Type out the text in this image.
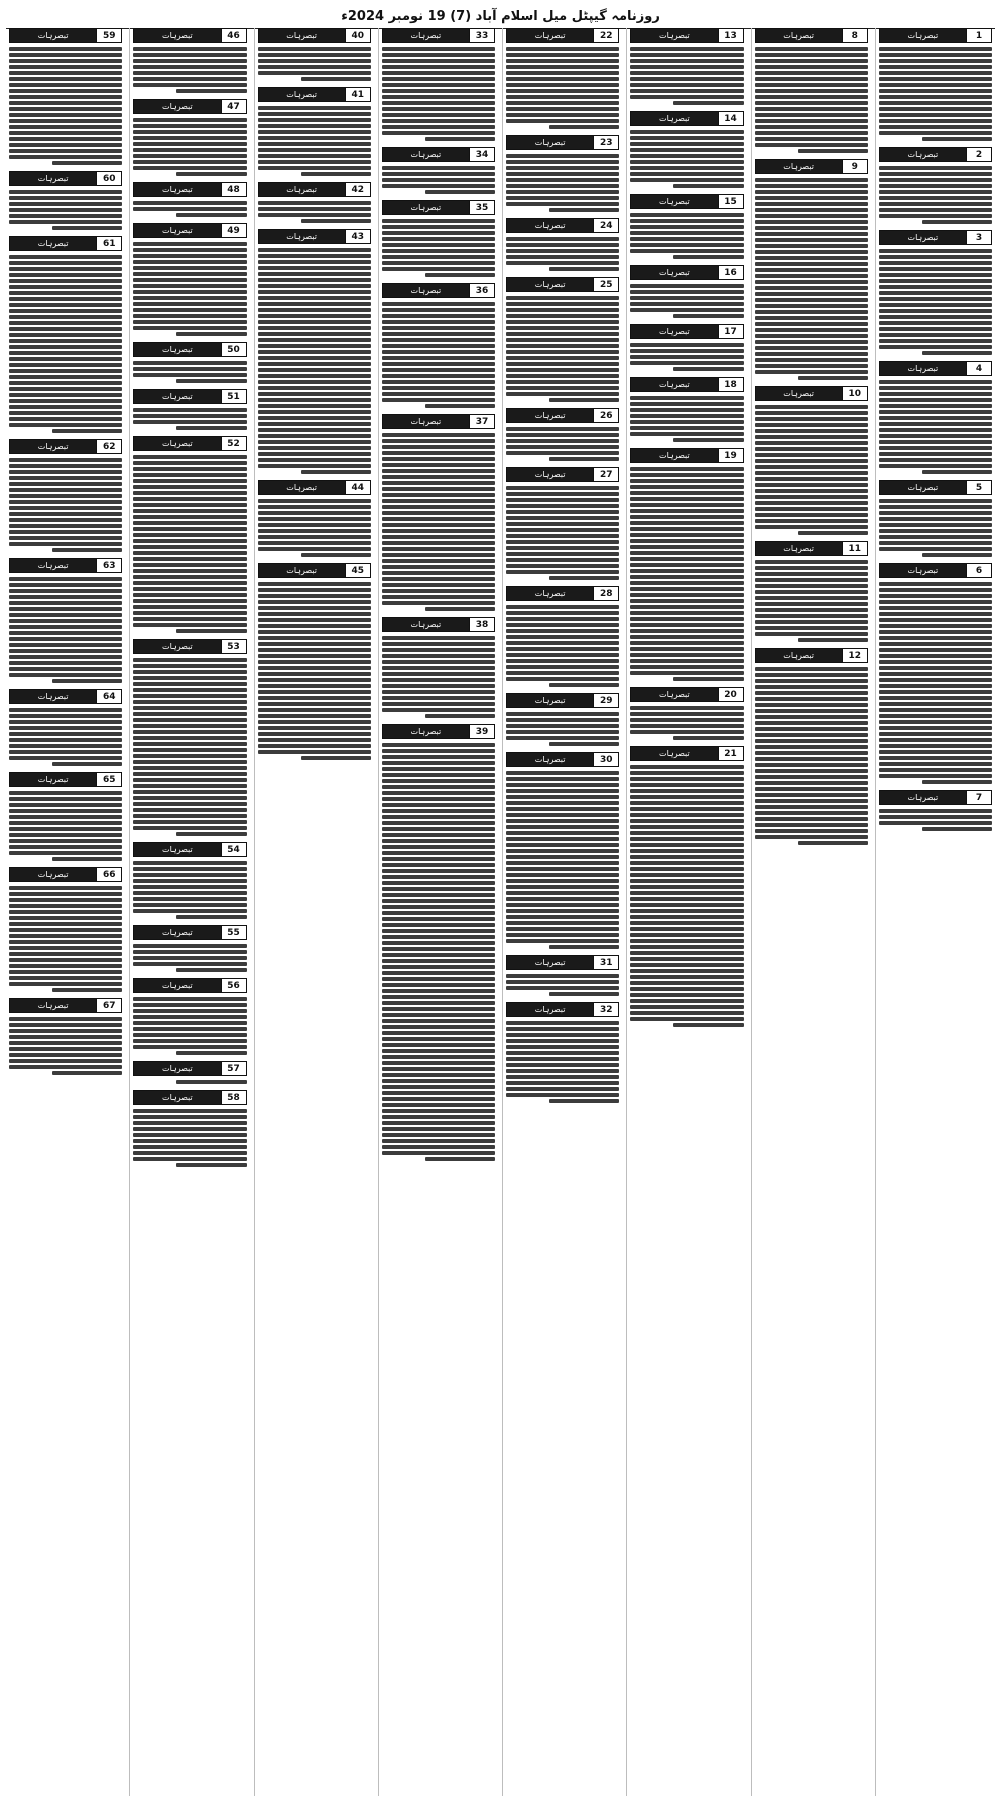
روزنامہ گیپٹل میل اسلام آباد (7) 19 نومبر 2024ء
1
تبصرہات
2
تبصرہات
3
تبصرہات
4
تبصرہات
5
تبصرہات
6
تبصرہات
7
تبصرہات
8
تبصرہات
9
تبصرہات
10
تبصرہات
11
تبصرہات
12
تبصرہات
13
تبصرہات
14
تبصرہات
15
تبصرہات
16
تبصرہات
17
تبصرہات
18
تبصرہات
19
تبصرہات
20
تبصرہات
21
تبصرہات
22
تبصرہات
23
تبصرہات
24
تبصرہات
25
تبصرہات
26
تبصرہات
27
تبصرہات
28
تبصرہات
29
تبصرہات
30
تبصرہات
31
تبصرہات
32
تبصرہات
33
تبصرہات
34
تبصرہات
35
تبصرہات
36
تبصرہات
37
تبصرہات
38
تبصرہات
39
تبصرہات
40
تبصرہات
41
تبصرہات
42
تبصرہات
43
تبصرہات
44
تبصرہات
45
تبصرہات
46
تبصرہات
47
تبصرہات
48
تبصرہات
49
تبصرہات
50
تبصرہات
51
تبصرہات
52
تبصرہات
53
تبصرہات
54
تبصرہات
55
تبصرہات
56
تبصرہات
57
تبصرہات
58
تبصرہات
59
تبصرہات
60
تبصرہات
61
تبصرہات
62
تبصرہات
63
تبصرہات
64
تبصرہات
65
تبصرہات
66
تبصرہات
67
تبصرہات
